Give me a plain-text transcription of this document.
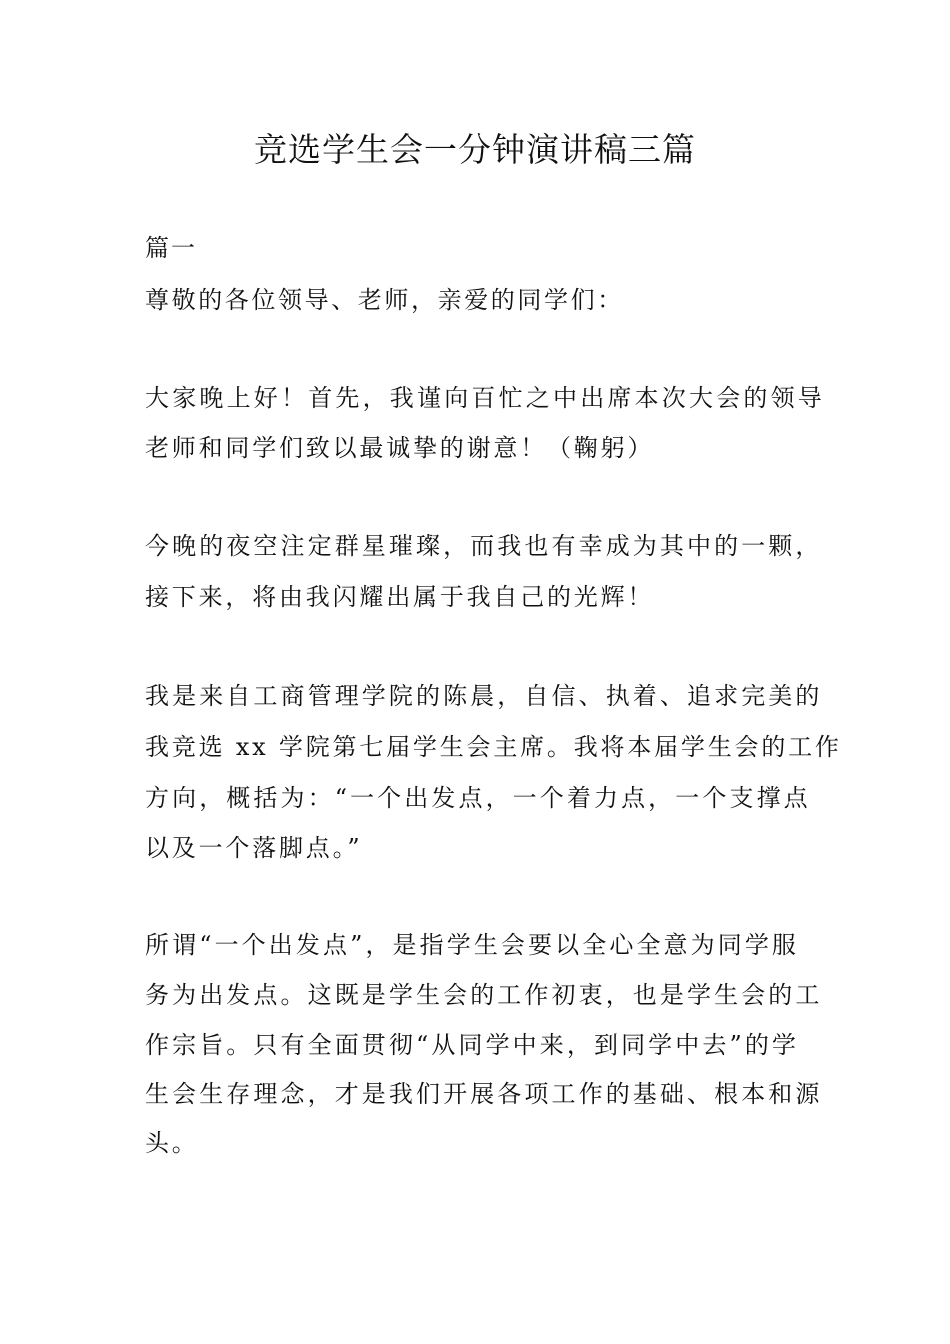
竞选学生会一分钟演讲稿三篇
篇一
尊敬的各位领导、老师，亲爱的同学们：
大家晚上好！首先，我谨向百忙之中出席本次大会的领导
老师和同学们致以最诚挚的谢意！（鞠躬）
今晚的夜空注定群星璀璨，而我也有幸成为其中的一颗，
接下来，将由我闪耀出属于我自己的光辉！
我是来自工商管理学院的陈晨，自信、执着、追求完美的
我竞选 xx 学院第七届学生会主席。我将本届学生会的工作
方向，概括为：“一个出发点，一个着力点，一个支撑点
以及一个落脚点。”
所谓“一个出发点”，是指学生会要以全心全意为同学服
务为出发点。这既是学生会的工作初衷，也是学生会的工
作宗旨。只有全面贯彻“从同学中来，到同学中去”的学
生会生存理念，才是我们开展各项工作的基础、根本和源
头。
